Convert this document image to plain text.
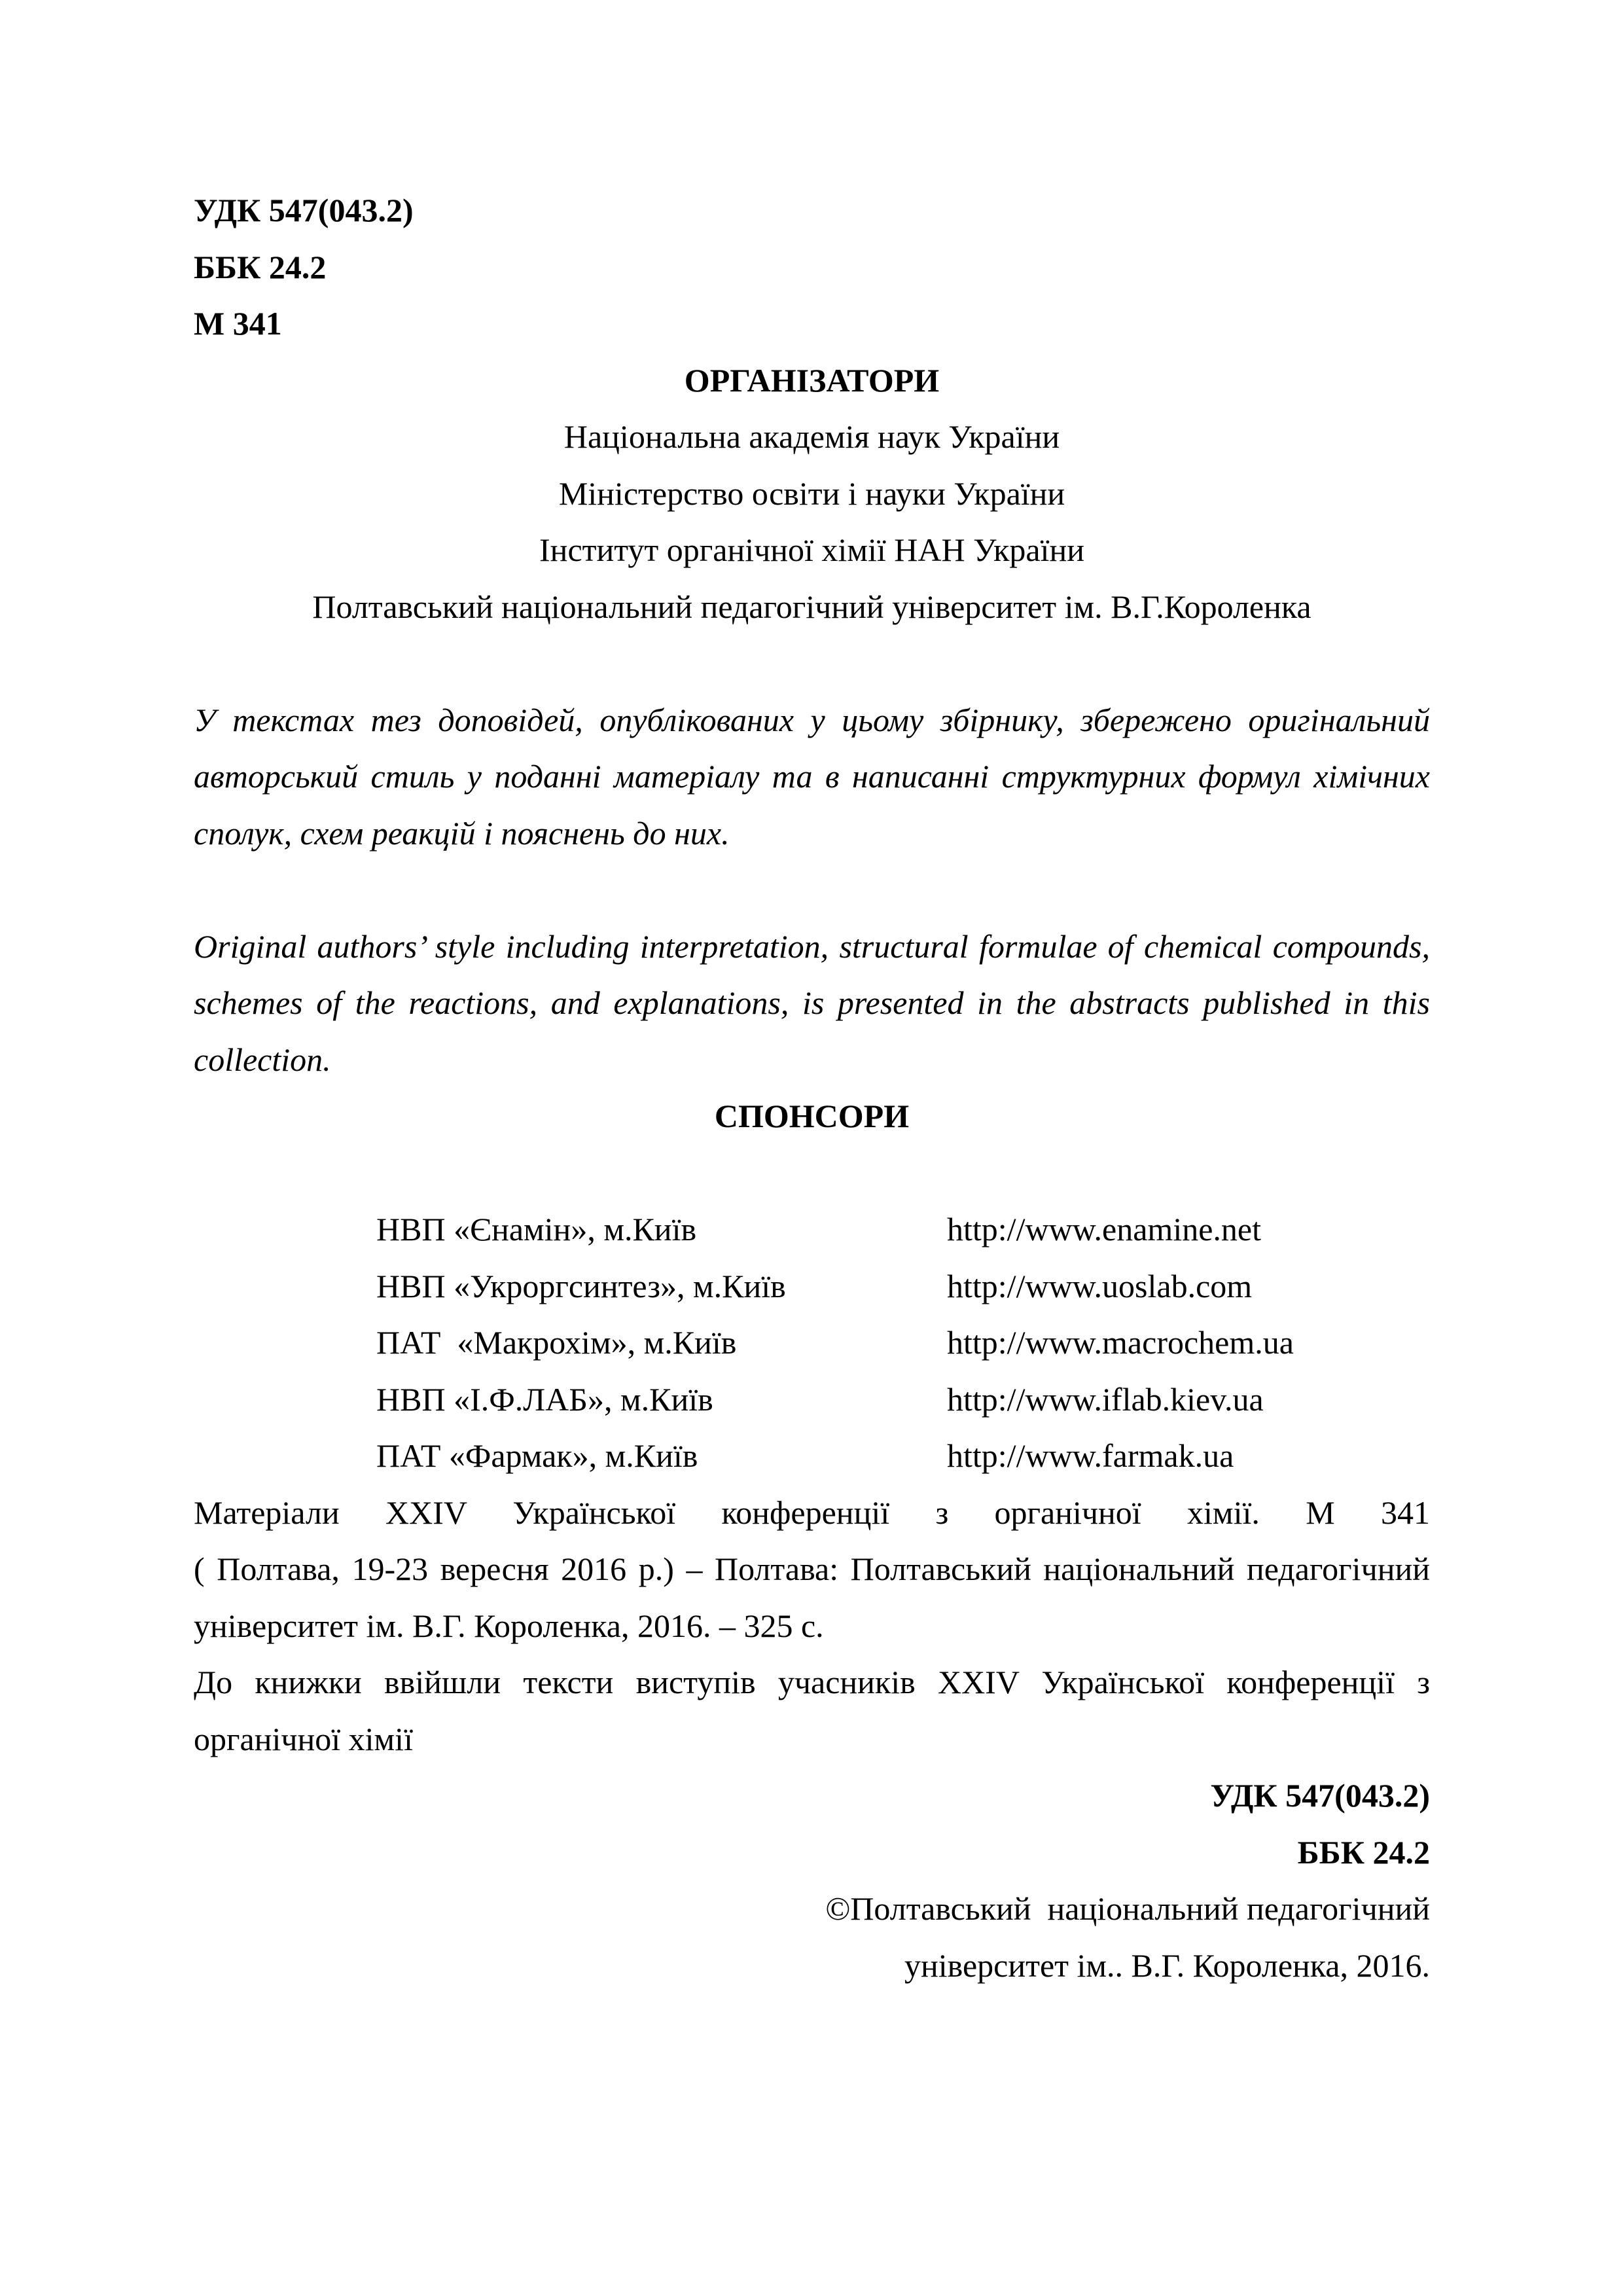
УДК 547(043.2)
ББК 24.2
М 341
ОРГАНІЗАТОРИ
Національна академія наук України
Міністерство освіти і науки України
Інститут органічної хімії НАН України
Полтавський національний педагогічний університет ім. В.Г.Короленка
У текстах тез доповідей, опублікованих у цьому збірнику, збережено оригінальний
авторський стиль у поданні матеріалу та в написанні структурних формул хімічних
сполук, схем реакцій і пояснень до них.
Original authors’ style including interpretation, structural formulae of chemical compounds,
schemes of the reactions, and explanations, is presented in the abstracts published in this
collection.
СПОНСОРИ

НВП «Єнамін», м.Київ	http://www.enamine.net

НВП «Укроргсинтез», м.Київ	http://www.uoslab.com

ПАТ  «Макрохім», м.Київ	http://www.macrochem.ua

НВП «І.Ф.ЛАБ», м.Київ	http://www.iflab.kiev.ua

ПАТ «Фармак», м.Київ	http://www.farmak.ua

Матеріали XXIV Української конференції з органічної хімії. М 341
( Полтава, 19-23 вересня 2016 р.) – Полтава: Полтавський національний педагогічний
університет ім. В.Г. Короленка, 2016. – 325 с.
До книжки ввійшли тексти виступів учасників XXIV Української конференції з
органічної хімії
УДК 547(043.2)
ББК 24.2
©Полтавський  національний педагогічний
університет ім.. В.Г. Короленка, 2016.
